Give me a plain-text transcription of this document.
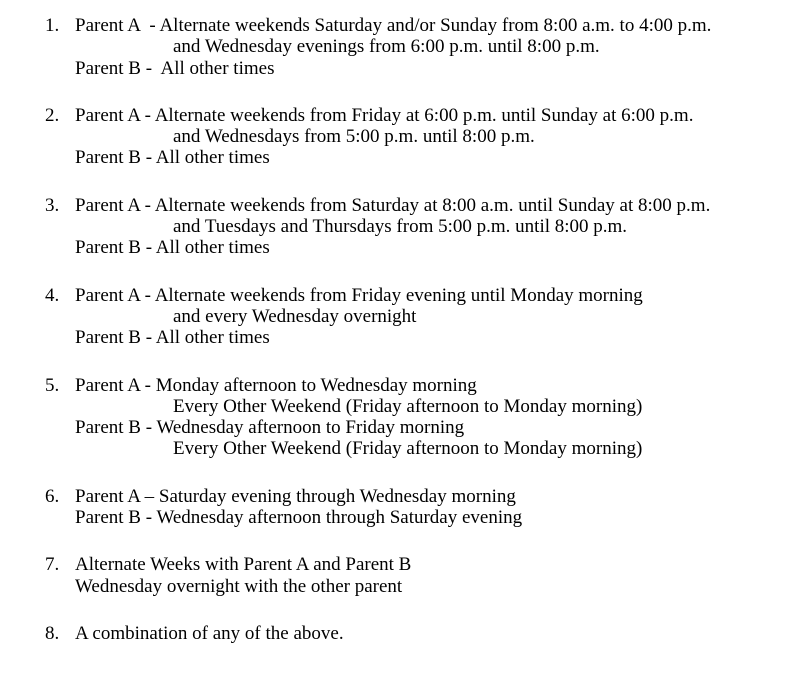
1. Parent A  - Alternate weekends Saturday and/or Sunday from 8:00 a.m. to 4:00 p.m.
and Wednesday evenings from 6:00 p.m. until 8:00 p.m.
Parent B -  All other times
2. Parent A - Alternate weekends from Friday at 6:00 p.m. until Sunday at 6:00 p.m.
and Wednesdays from 5:00 p.m. until 8:00 p.m.
Parent B - All other times
3. Parent A - Alternate weekends from Saturday at 8:00 a.m. until Sunday at 8:00 p.m.
and Tuesdays and Thursdays from 5:00 p.m. until 8:00 p.m.
Parent B - All other times
4. Parent A - Alternate weekends from Friday evening until Monday morning
and every Wednesday overnight
Parent B - All other times
5. Parent A - Monday afternoon to Wednesday morning
Every Other Weekend (Friday afternoon to Monday morning)
Parent B - Wednesday afternoon to Friday morning
Every Other Weekend (Friday afternoon to Monday morning)
6. Parent A – Saturday evening through Wednesday morning
Parent B - Wednesday afternoon through Saturday evening
7. Alternate Weeks with Parent A and Parent B
Wednesday overnight with the other parent
8. A combination of any of the above.
